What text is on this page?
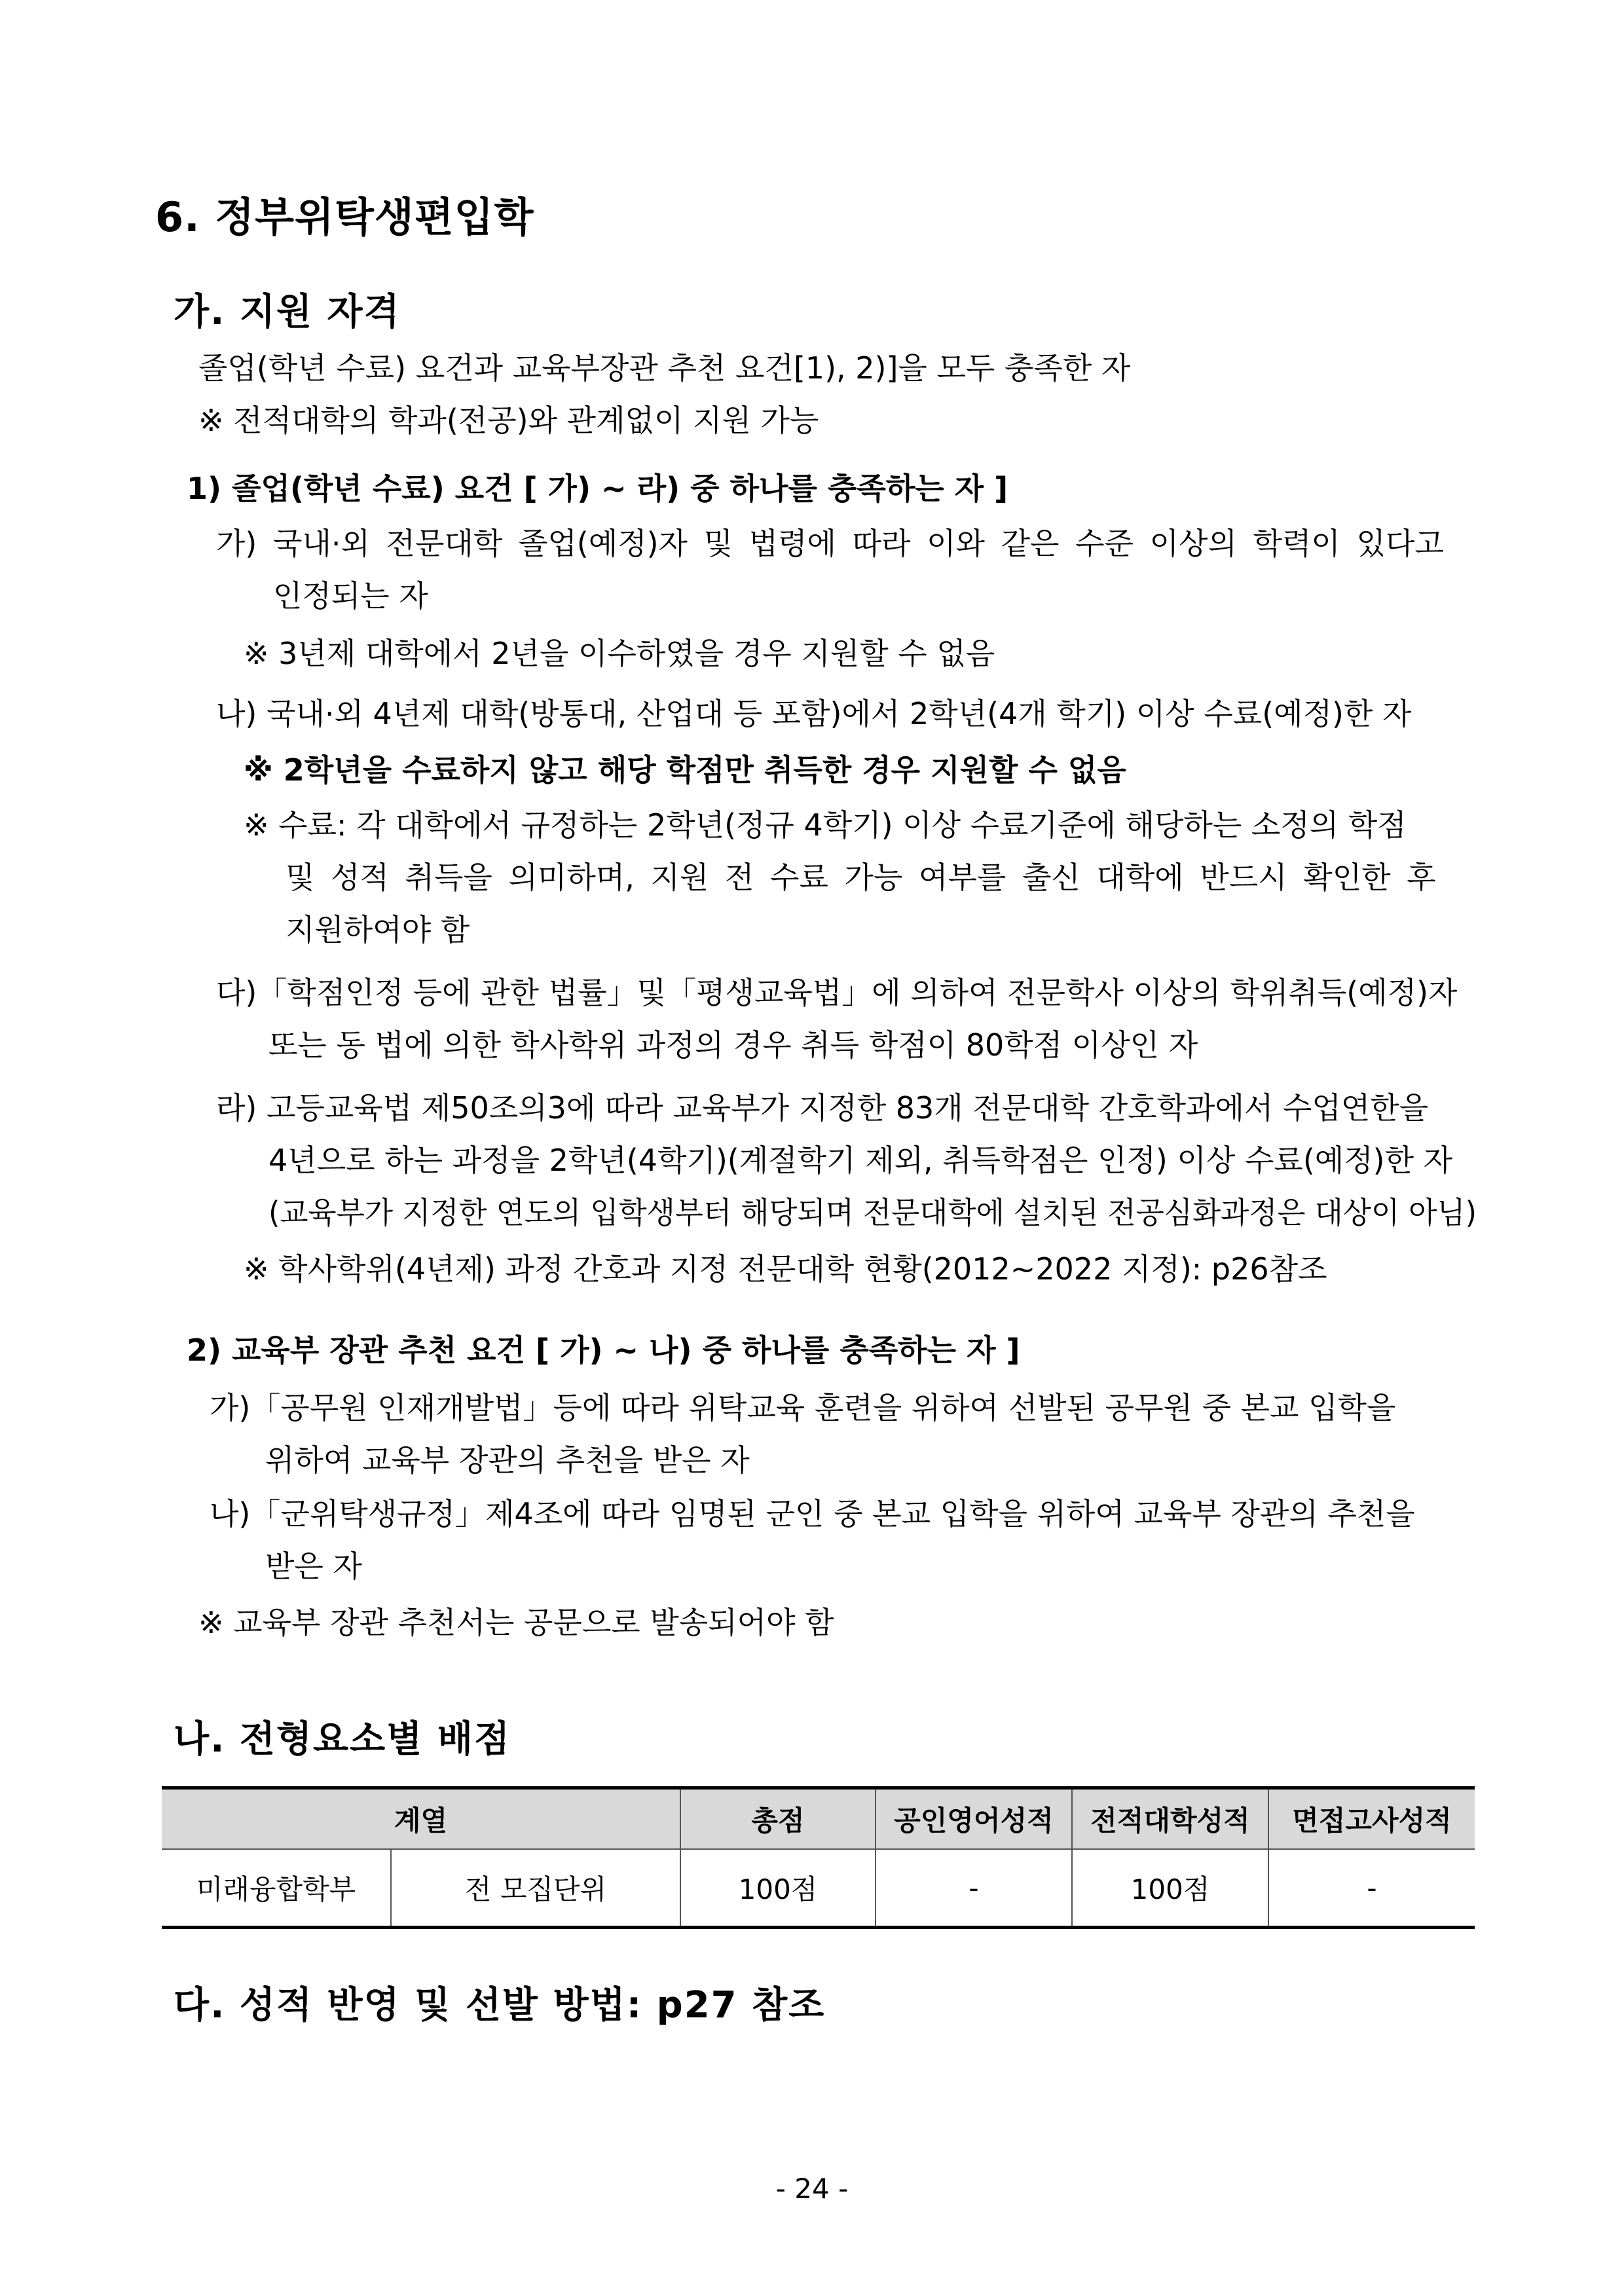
6. 정부위탁생편입학
가. 지원 자격
졸업(학년 수료) 요건과 교육부장관 추천 요건[1), 2)]을 모두 충족한 자
※ 전적대학의 학과(전공)와 관계없이 지원 가능
1) 졸업(학년 수료) 요건 [ 가) ~ 라) 중 하나를 충족하는 자 ]
가) 국내·외 전문대학 졸업(예정)자 및 법령에 따라 이와 같은 수준 이상의 학력이 있다고
인정되는 자
※ 3년제 대학에서 2년을 이수하였을 경우 지원할 수 없음
나) 국내·외 4년제 대학(방통대, 산업대 등 포함)에서 2학년(4개 학기) 이상 수료(예정)한 자
※ 2학년을 수료하지 않고 해당 학점만 취득한 경우 지원할 수 없음
※ 수료: 각 대학에서 규정하는 2학년(정규 4학기) 이상 수료기준에 해당하는 소정의 학점
및 성적 취득을 의미하며, 지원 전 수료 가능 여부를 출신 대학에 반드시 확인한 후
지원하여야 함
다)「학점인정 등에 관한 법률」및「평생교육법」에 의하여 전문학사 이상의 학위취득(예정)자
또는 동 법에 의한 학사학위 과정의 경우 취득 학점이 80학점 이상인 자
라) 고등교육법 제50조의3에 따라 교육부가 지정한 83개 전문대학 간호학과에서 수업연한을
4년으로 하는 과정을 2학년(4학기)(계절학기 제외, 취득학점은 인정) 이상 수료(예정)한 자
(교육부가 지정한 연도의 입학생부터 해당되며 전문대학에 설치된 전공심화과정은 대상이 아님)
※ 학사학위(4년제) 과정 간호과 지정 전문대학 현황(2012~2022 지정): p26참조
2) 교육부 장관 추천 요건 [ 가) ~ 나) 중 하나를 충족하는 자 ]
가)「공무원 인재개발법」등에 따라 위탁교육 훈련을 위하여 선발된 공무원 중 본교 입학을
위하여 교육부 장관의 추천을 받은 자
나)「군위탁생규정」제4조에 따라 임명된 군인 중 본교 입학을 위하여 교육부 장관의 추천을
받은 자
※ 교육부 장관 추천서는 공문으로 발송되어야 함
나. 전형요소별 배점
계열		총점	공인영어성적	전적대학성적	면접고사성적
미래융합학부	전 모집단위	100점	-	100점	-
다. 성적 반영 및 선발 방법: p27 참조
- 24 -
